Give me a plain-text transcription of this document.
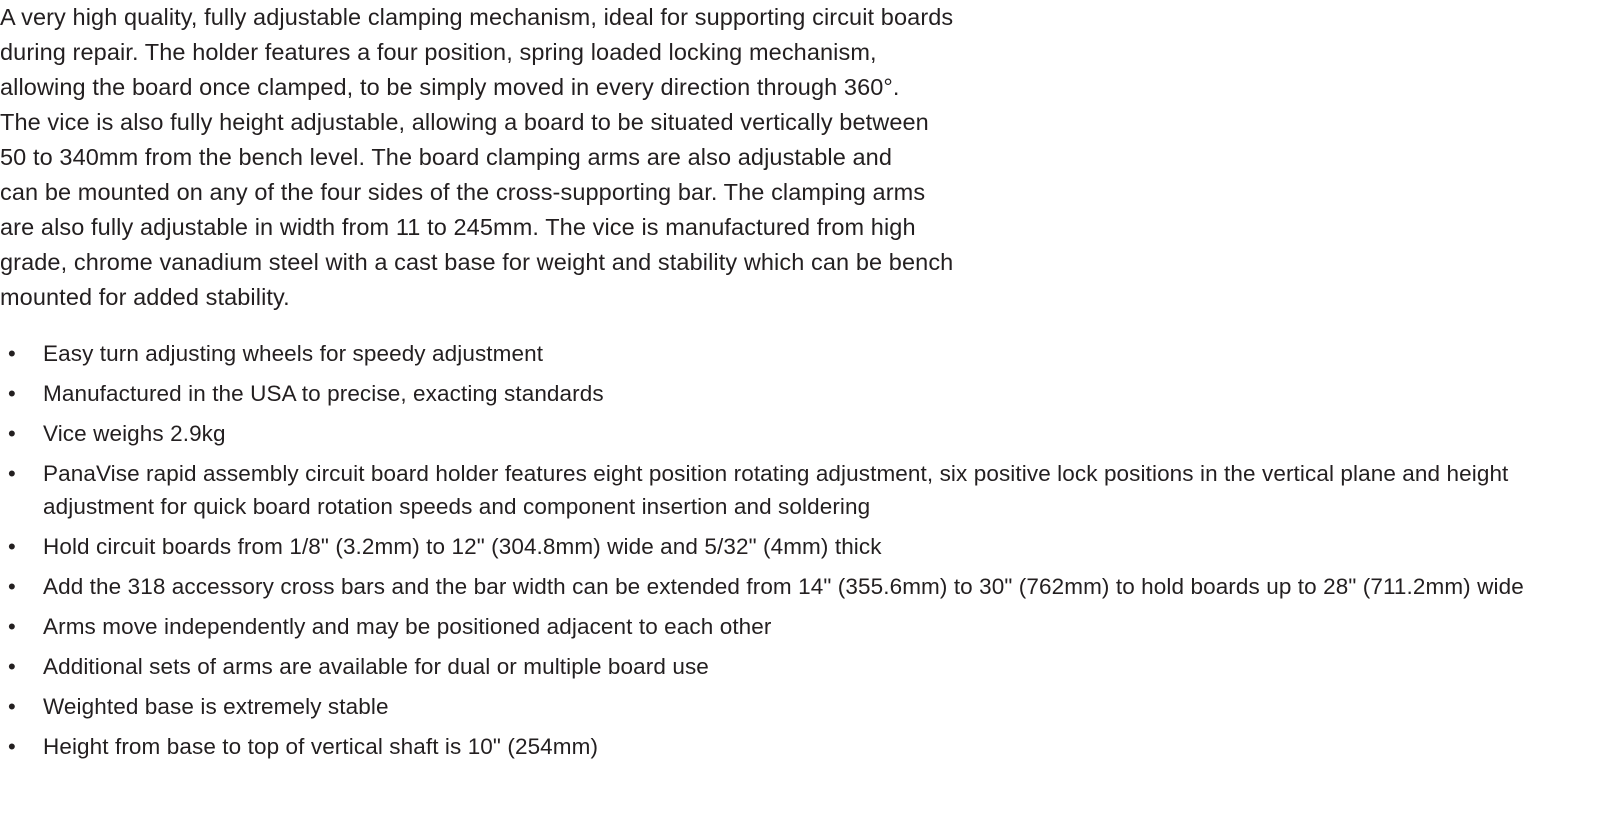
A very high quality, fully adjustable clamping mechanism, ideal for supporting circuit boards
during repair. The holder features a four position, spring loaded locking mechanism,
allowing the board once clamped, to be simply moved in every direction through 360°.
The vice is also fully height adjustable, allowing a board to be situated vertically between
50 to 340mm from the bench level. The board clamping arms are also adjustable and
can be mounted on any of the four sides of the cross-supporting bar. The clamping arms
are also fully adjustable in width from 11 to 245mm. The vice is manufactured from high
grade, chrome vanadium steel with a cast base for weight and stability which can be bench
mounted for added stability.
• Easy turn adjusting wheels for speedy adjustment
• Manufactured in the USA to precise, exacting standards
• Vice weighs 2.9kg
• PanaVise rapid assembly circuit board holder features eight position rotating adjustment, six positive lock positions in the vertical plane and height adjustment for quick board rotation speeds and component insertion and soldering
• Hold circuit boards from 1/8" (3.2mm) to 12" (304.8mm) wide and 5/32" (4mm) thick
• Add the 318 accessory cross bars and the bar width can be extended from 14" (355.6mm) to 30" (762mm) to hold boards up to 28" (711.2mm) wide
• Arms move independently and may be positioned adjacent to each other
• Additional sets of arms are available for dual or multiple board use
• Weighted base is extremely stable
• Height from base to top of vertical shaft is 10" (254mm)
